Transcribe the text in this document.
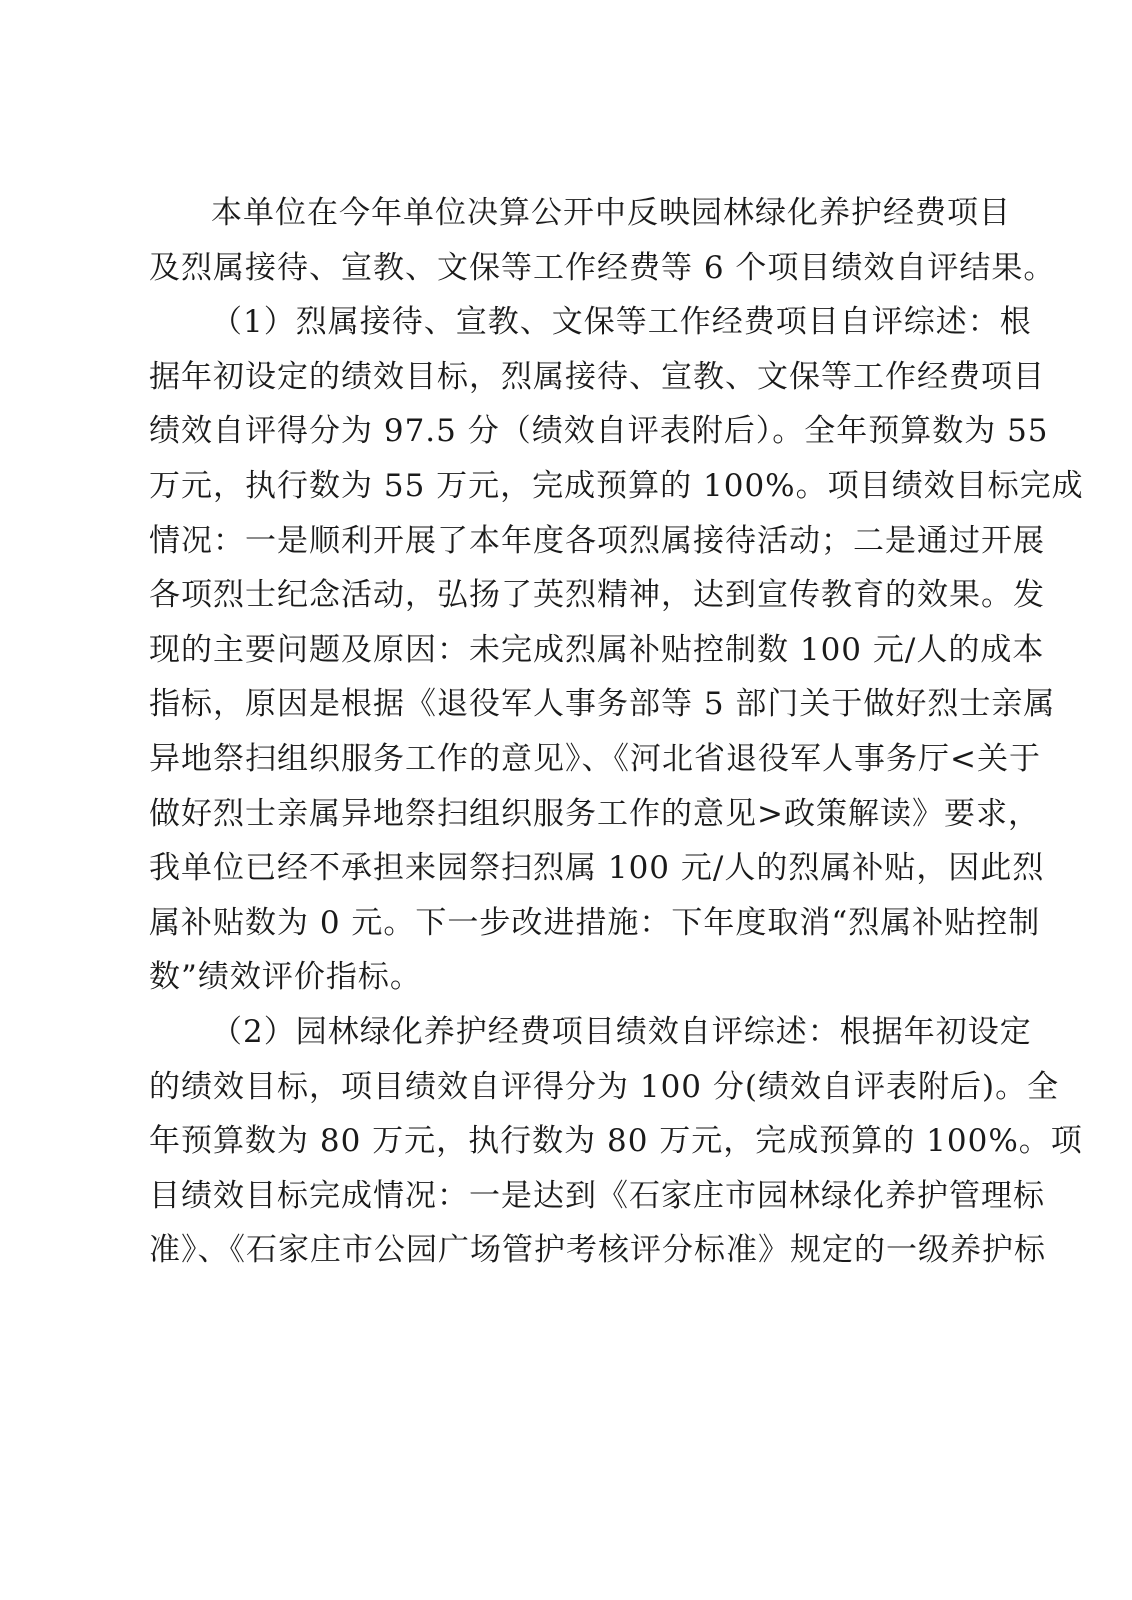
本单位在今年单位决算公开中反映园林绿化养护经费项目
及烈属接待、宣教、文保等工作经费等 6 个项目绩效自评结果。
（1）烈属接待、宣教、文保等工作经费项目自评综述：根
据年初设定的绩效目标，烈属接待、宣教、文保等工作经费项目
绩效自评得分为 97.5 分（绩效自评表附后）。全年预算数为 55
万元，执行数为 55 万元，完成预算的 100%。项目绩效目标完成
情况：一是顺利开展了本年度各项烈属接待活动；二是通过开展
各项烈士纪念活动，弘扬了英烈精神，达到宣传教育的效果。发
现的主要问题及原因：未完成烈属补贴控制数 100 元/人的成本
指标，原因是根据《退役军人事务部等 5 部门关于做好烈士亲属
异地祭扫组织服务工作的意见》、《河北省退役军人事务厅<关于
做好烈士亲属异地祭扫组织服务工作的意见>政策解读》要求，
我单位已经不承担来园祭扫烈属 100 元/人的烈属补贴，因此烈
属补贴数为 0 元。下一步改进措施：下年度取消“烈属补贴控制
数”绩效评价指标。
（2）园林绿化养护经费项目绩效自评综述：根据年初设定
的绩效目标，项目绩效自评得分为 100 分(绩效自评表附后)。全
年预算数为 80 万元，执行数为 80 万元，完成预算的 100%。项
目绩效目标完成情况：一是达到《石家庄市园林绿化养护管理标
准》、《石家庄市公园广场管护考核评分标准》规定的一级养护标
